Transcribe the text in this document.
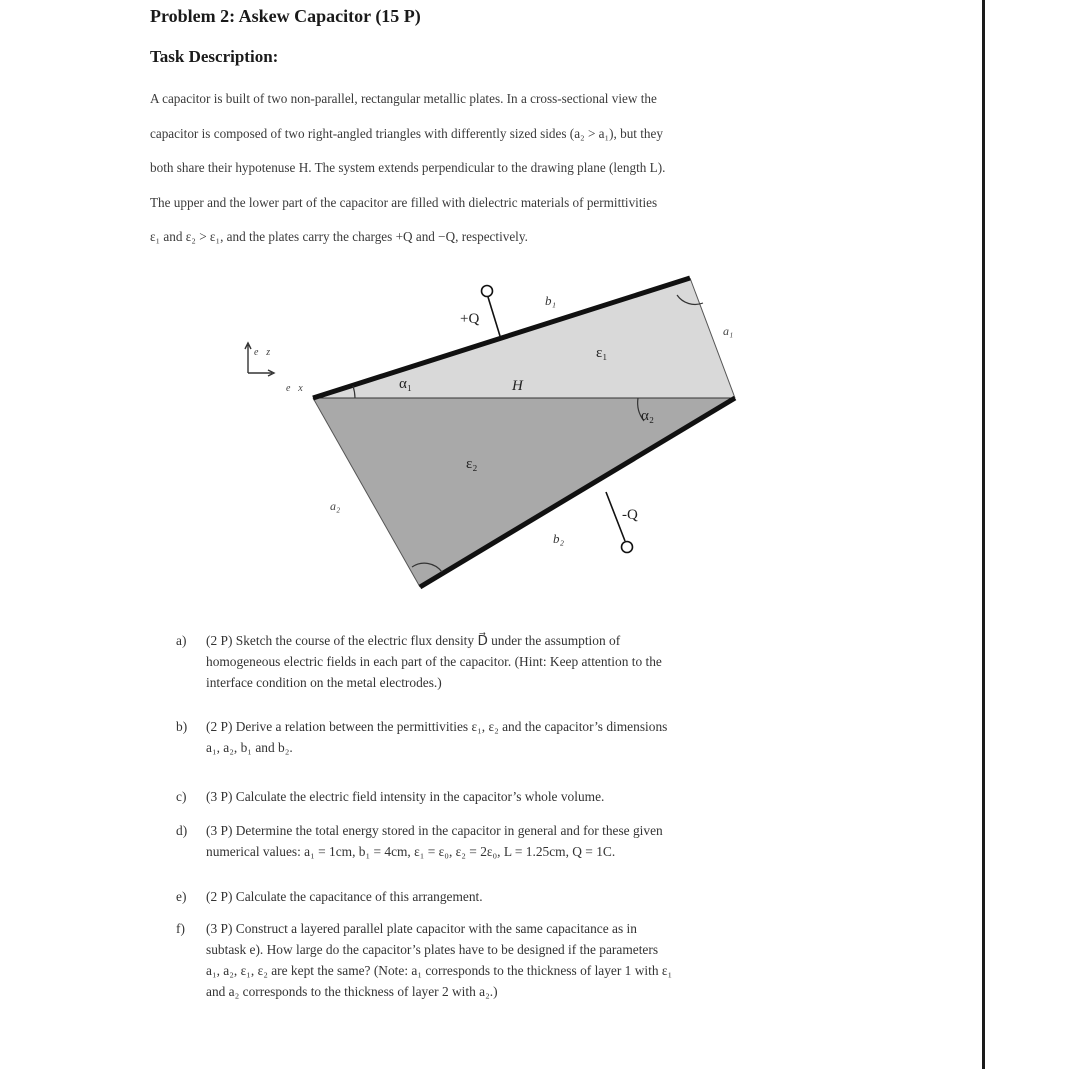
Problem 2: Askew Capacitor (15 P)
Task Description:

A capacitor is built of two non-parallel, rectangular metallic plates. In a cross-sectional view the
capacitor is composed of two right-angled triangles with differently sized sides (a₂ > a₁), but they
both share their hypotenuse H. The system extends perpendicular to the drawing plane (length L).
The upper and the lower part of the capacitor are filled with dielectric materials of permittivities
ε₁ and ε₂ > ε₁, and the plates carry the charges +Q and −Q, respectively.

e⃗z
e⃗x
+Q
b₁
a₁
ε₁
α₁	H
α₂
ε₂
a₂
-Q
b₂
a)	(2 P) Sketch the course of the electric flux density D⃗ under the assumption of
homogeneous electric fields in each part of the capacitor. (Hint: Keep attention to the
interface condition on the metal electrodes.)
b)	(2 P) Derive a relation between the permittivities ε₁, ε₂ and the capacitor’s dimensions
a₁, a₂, b₁ and b₂.
c)	(3 P) Calculate the electric field intensity in the capacitor’s whole volume.
d)	(3 P) Determine the total energy stored in the capacitor in general and for these given
numerical values: a₁ = 1cm, b₁ = 4cm, ε₁ = ε₀, ε₂ = 2ε₀, L = 1.25cm, Q = 1C.
e)	(2 P) Calculate the capacitance of this arrangement.
f)	(3 P) Construct a layered parallel plate capacitor with the same capacitance as in
subtask e). How large do the capacitor’s plates have to be designed if the parameters
a₁, a₂, ε₁, ε₂ are kept the same? (Note: a₁ corresponds to the thickness of layer 1 with ε₁
and a₂ corresponds to the thickness of layer 2 with a₂.)
